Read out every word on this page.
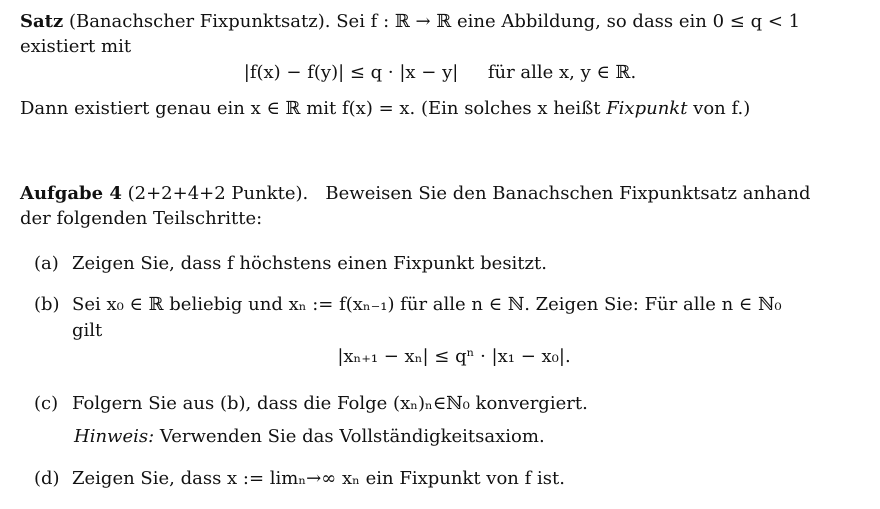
Satz (Banachscher Fixpunktsatz). Sei f : ℝ → ℝ eine Abbildung, so dass ein 0 ≤ q < 1
existiert mit
|f(x) − f(y)| ≤ q · |x − y| für alle x, y ∈ ℝ.
Dann existiert genau ein x ∈ ℝ mit f(x) = x. (Ein solches x heißt Fixpunkt von f.)
Aufgabe 4 (2+2+4+2 Punkte). Beweisen Sie den Banachschen Fixpunktsatz anhand
der folgenden Teilschritte:
(a) Zeigen Sie, dass f höchstens einen Fixpunkt besitzt.
(b) Sei x₀ ∈ ℝ beliebig und xₙ := f(xₙ₋₁) für alle n ∈ ℕ. Zeigen Sie: Für alle n ∈ ℕ₀
gilt
|xₙ₊₁ − xₙ| ≤ qⁿ · |x₁ − x₀|.
(c) Folgern Sie aus (b), dass die Folge (xₙ)ₙ∈ℕ₀ konvergiert.
Hinweis: Verwenden Sie das Vollständigkeitsaxiom.
(d) Zeigen Sie, dass x := limₙ→∞ xₙ ein Fixpunkt von f ist.
